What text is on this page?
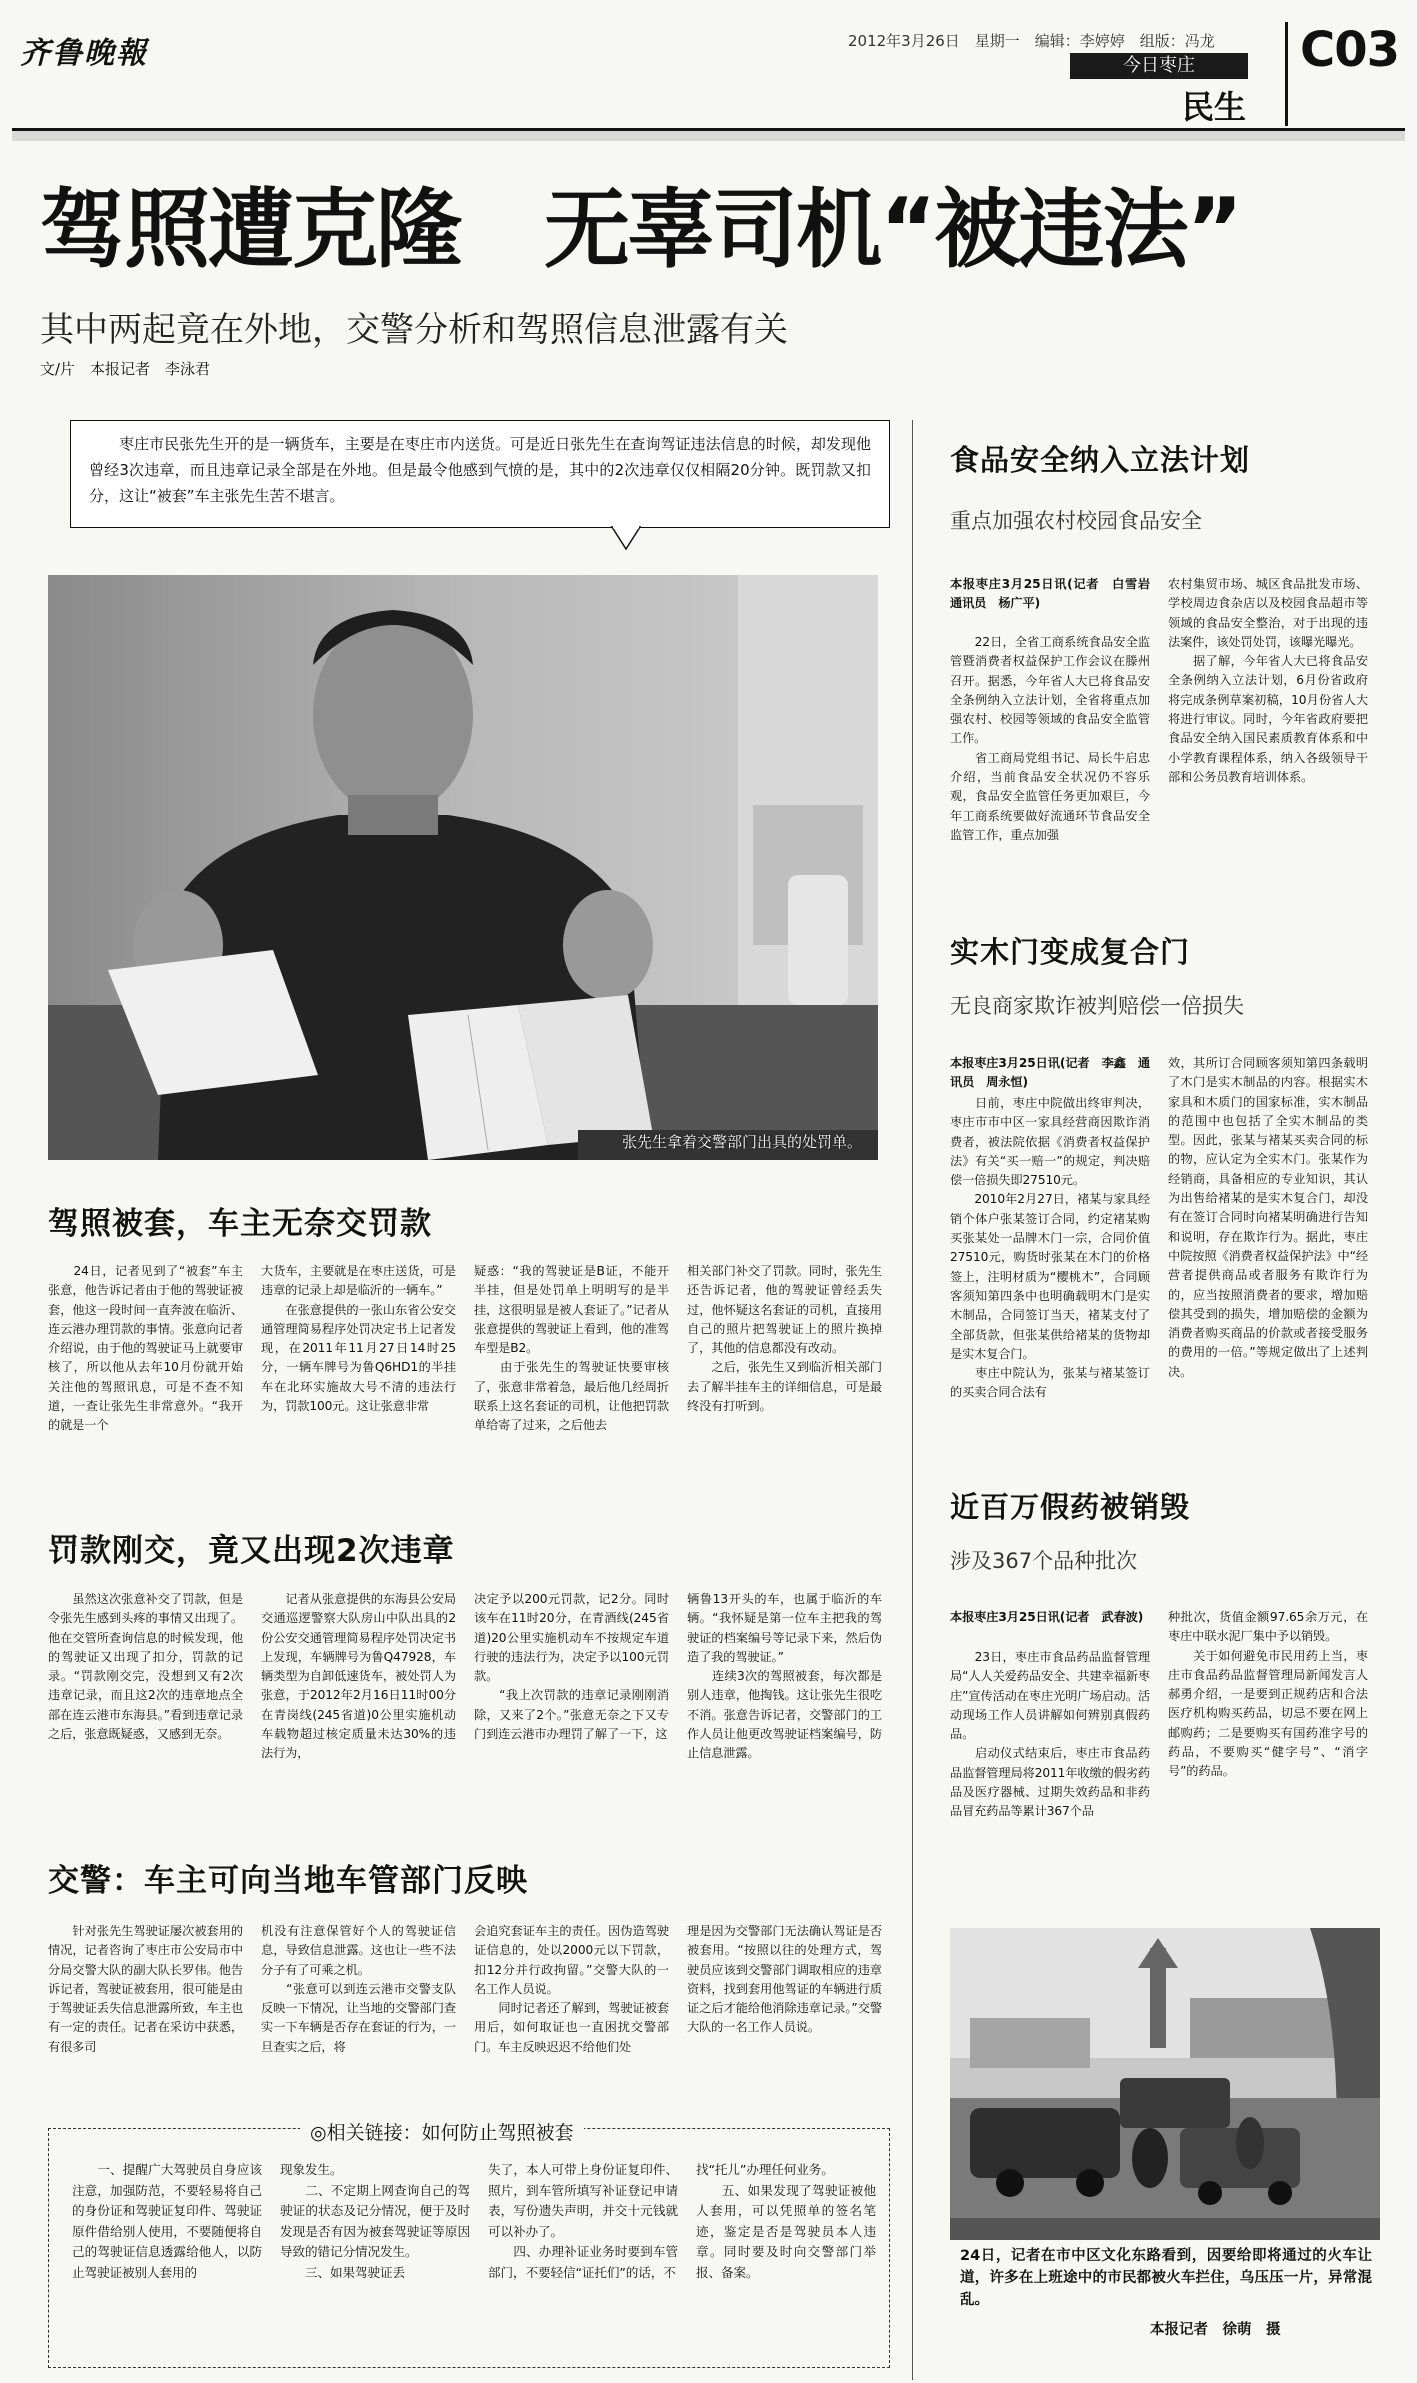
齐鲁晚報	2012年3月26日　星期一　编辑：李婷婷　组版：冯龙
今日枣庄
民生
C03
驾照遭克隆　无辜司机“被违法”
其中两起竟在外地，交警分析和驾照信息泄露有关
文/片　本报记者　李泳君
　　枣庄市民张先生开的是一辆货车，主要是在枣庄市内送货。可是近日张先生在查询驾证违法信息的时候，却发现他曾经3次违章，而且违章记录全部是在外地。但是最令他感到气愤的是，其中的2次违章仅仅相隔20分钟。既罚款又扣分，这让“被套”车主张先生苦不堪言。
张先生拿着交警部门出具的处罚单。
驾照被套，车主无奈交罚款
　　24日，记者见到了“被套”车主张意，他告诉记者由于他的驾驶证被套，他这一段时间一直奔波在临沂、连云港办理罚款的事情。张意向记者介绍说，由于他的驾驶证马上就要审核了，所以他从去年10月份就开始关注他的驾照讯息，可是不查不知道，一查让张先生非常意外。“我开的就是一个
大货车，主要就是在枣庄送货，可是违章的记录上却是临沂的一辆车。”
　　在张意提供的一张山东省公安交通管理简易程序处罚决定书上记者发现，在2011年11月27日14时25分，一辆车牌号为鲁Q6HD1的半挂车在北环实施故大号不清的违法行为，罚款100元。这让张意非常
疑惑：“我的驾驶证是B证，不能开半挂，但是处罚单上明明写的是半挂，这很明显是被人套证了。”记者从张意提供的驾驶证上看到，他的准驾车型是B2。
　　由于张先生的驾驶证快要审核了，张意非常着急，最后他几经周折联系上这名套证的司机，让他把罚款单给寄了过来，之后他去
相关部门补交了罚款。同时，张先生还告诉记者，他的驾驶证曾经丢失过，他怀疑这名套证的司机，直接用自己的照片把驾驶证上的照片换掉了，其他的信息都没有改动。
　　之后，张先生又到临沂相关部门去了解半挂车主的详细信息，可是最终没有打听到。
罚款刚交，竟又出现2次违章
　　虽然这次张意补交了罚款，但是令张先生感到头疼的事情又出现了。他在交管所查询信息的时候发现，他的驾驶证又出现了扣分，罚款的记录。“罚款刚交完，没想到又有2次违章记录，而且这2次的违章地点全部在连云港市东海县。”看到违章记录之后，张意既疑惑，又感到无奈。
　　记者从张意提供的东海县公安局交通巡逻警察大队房山中队出具的2份公安交通管理简易程序处罚决定书上发现，车辆牌号为鲁Q47928，车辆类型为自卸低速货车，被处罚人为张意，于2012年2月16日11时00分在青岗线(245省道)0公里实施机动车载物超过核定质量未达30%的违法行为，
决定予以200元罚款，记2分。同时该车在11时20分，在青酒线(245省道)20公里实施机动车不按规定车道行驶的违法行为，决定予以100元罚款。
　　“我上次罚款的违章记录刚刚消除，又来了2个。”张意无奈之下又专门到连云港市办理罚了解了一下，这
辆鲁13开头的车，也属于临沂的车辆。“我怀疑是第一位车主把我的驾驶证的档案编号等记录下来，然后伪造了我的驾驶证。”
　　连续3次的驾照被套，每次都是别人违章，他掏钱。这让张先生很吃不消。张意告诉记者，交警部门的工作人员让他更改驾驶证档案编号，防止信息泄露。
交警：车主可向当地车管部门反映
　　针对张先生驾驶证屡次被套用的情况，记者咨询了枣庄市公安局市中分局交警大队的副大队长罗伟。他告诉记者，驾驶证被套用，很可能是由于驾驶证丢失信息泄露所致，车主也有一定的责任。记者在采访中获悉，有很多司
机没有注意保管好个人的驾驶证信息，导致信息泄露。这也让一些不法分子有了可乘之机。
　　“张意可以到连云港市交警支队反映一下情况，让当地的交警部门查实一下车辆是否存在套证的行为，一旦查实之后，将
会追究套证车主的责任。因伪造驾驶证信息的，处以2000元以下罚款，扣12分并行政拘留。”交警大队的一名工作人员说。
　　同时记者还了解到，驾驶证被套用后，如何取证也一直困扰交警部门。车主反映迟迟不给他们处
理是因为交警部门无法确认驾证是否被套用。“按照以往的处理方式，驾驶员应该到交警部门调取相应的违章资料，找到套用他驾证的车辆进行质证之后才能给他消除违章记录。”交警大队的一名工作人员说。
◎相关链接：如何防止驾照被套
　　一、提醒广大驾驶员自身应该注意，加强防范，不要轻易将自己的身份证和驾驶证复印件、驾驶证原件借给别人使用，不要随便将自己的驾驶证信息透露给他人，以防止驾驶证被别人套用的
现象发生。
　　二、不定期上网查询自己的驾驶证的状态及记分情况，便于及时发现是否有因为被套驾驶证等原因导致的错记分情况发生。
　　三、如果驾驶证丢
失了，本人可带上身份证复印件、照片，到车管所填写补证登记申请表，写份遗失声明，并交十元钱就可以补办了。
　　四、办理补证业务时要到车管部门，不要轻信“证托们”的话，不
找“托儿”办理任何业务。
　　五、如果发现了驾驶证被他人套用，可以凭照单的签名笔迹，鉴定是否是驾驶员本人违章。同时要及时向交警部门举报、备案。
食品安全纳入立法计划
重点加强农村校园食品安全
本报枣庄3月25日讯(记者　白雪岩　通讯员　杨广平)
　　22日，全省工商系统食品安全监管暨消费者权益保护工作会议在滕州召开。据悉，今年省人大已将食品安全条例纳入立法计划，全省将重点加强农村、校园等领域的食品安全监管工作。
　　省工商局党组书记、局长牛启忠介绍，当前食品安全状况仍不容乐观，食品安全监管任务更加艰巨，今年工商系统要做好流通环节食品安全监管工作，重点加强
农村集贸市场、城区食品批发市场、学校周边食杂店以及校园食品超市等领域的食品安全整治，对于出现的违法案件，该处罚处罚，该曝光曝光。
　　据了解，今年省人大已将食品安全条例纳入立法计划，6月份省政府将完成条例草案初稿，10月份省人大将进行审议。同时，今年省政府要把食品安全纳入国民素质教育体系和中小学教育课程体系，纳入各级领导干部和公务员教育培训体系。
实木门变成复合门
无良商家欺诈被判赔偿一倍损失
本报枣庄3月25日讯(记者　李鑫　通讯员　周永恒)
　　日前，枣庄中院做出终审判决，枣庄市市中区一家具经营商因欺诈消费者，被法院依据《消费者权益保护法》有关“买一赔一”的规定，判决赔偿一倍损失即27510元。
　　2010年2月27日，褚某与家具经销个体户张某签订合同，约定褚某购买张某处一品牌木门一宗，合同价值27510元，购货时张某在木门的价格签上，注明材质为“樱桃木”，合同顾客须知第四条中也明确载明木门是实木制品，合同签订当天，褚某支付了全部货款，但张某供给褚某的货物却是实木复合门。
　　枣庄中院认为，张某与褚某签订的买卖合同合法有
效，其所订合同顾客须知第四条载明了木门是实木制品的内容。根据实木家具和木质门的国家标准，实木制品的范围中也包括了全实木制品的类型。因此，张某与褚某买卖合同的标的物，应认定为全实木门。张某作为经销商，具备相应的专业知识，其认为出售给褚某的是实木复合门，却没有在签订合同时向褚某明确进行告知和说明，存在欺诈行为。据此，枣庄中院按照《消费者权益保护法》中“经营者提供商品或者服务有欺诈行为的，应当按照消费者的要求，增加赔偿其受到的损失，增加赔偿的金额为消费者购买商品的价款或者接受服务的费用的一倍。”等规定做出了上述判决。
近百万假药被销毁
涉及367个品种批次
本报枣庄3月25日讯(记者　武春波)
　　23日，枣庄市食品药品监督管理局“人人关爱药品安全、共建幸福新枣庄”宣传活动在枣庄光明广场启动。活动现场工作人员讲解如何辨别真假药品。
　　启动仪式结束后，枣庄市食品药品监督管理局将2011年收缴的假劣药品及医疗器械、过期失效药品和非药品冒充药品等累计367个品
种批次，货值金额97.65余万元，在枣庄中联水泥厂集中予以销毁。
　　关于如何避免市民用药上当，枣庄市食品药品监督管理局新闻发言人郝勇介绍，一是要到正规药店和合法医疗机构购买药品，切忌不要在网上邮购药；二是要购买有国药准字号的药品，不要购买“健字号”、“消字号”的药品。
24日，记者在市中区文化东路看到，因要给即将通过的火车让道，许多在上班途中的市民都被火车拦住，乌压压一片，异常混乱。
本报记者　徐萌　摄
